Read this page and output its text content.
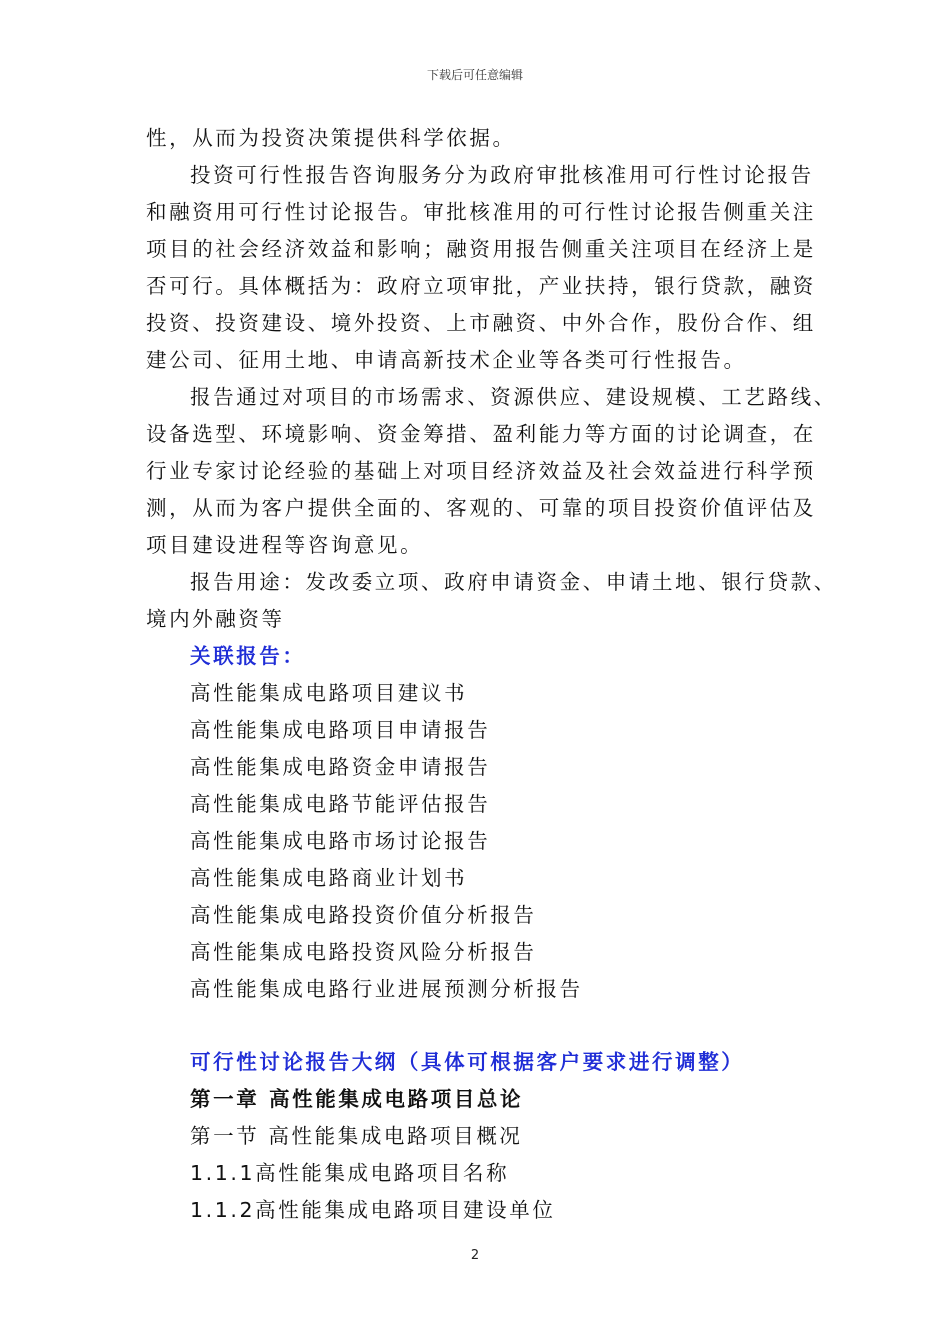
下载后可任意编辑
性，从而为投资决策提供科学依据。
投资可行性报告咨询服务分为政府审批核准用可行性讨论报告
和融资用可行性讨论报告。审批核准用的可行性讨论报告侧重关注
项目的社会经济效益和影响；融资用报告侧重关注项目在经济上是
否可行。具体概括为：政府立项审批，产业扶持，银行贷款，融资
投资、投资建设、境外投资、上市融资、中外合作，股份合作、组
建公司、征用土地、申请高新技术企业等各类可行性报告。
报告通过对项目的市场需求、资源供应、建设规模、工艺路线、
设备选型、环境影响、资金筹措、盈利能力等方面的讨论调查，在
行业专家讨论经验的基础上对项目经济效益及社会效益进行科学预
测，从而为客户提供全面的、客观的、可靠的项目投资价值评估及
项目建设进程等咨询意见。
报告用途：发改委立项、政府申请资金、申请土地、银行贷款、
境内外融资等
关联报告：
高性能集成电路项目建议书
高性能集成电路项目申请报告
高性能集成电路资金申请报告
高性能集成电路节能评估报告
高性能集成电路市场讨论报告
高性能集成电路商业计划书
高性能集成电路投资价值分析报告
高性能集成电路投资风险分析报告
高性能集成电路行业进展预测分析报告
可行性讨论报告大纲（具体可根据客户要求进行调整）
第一章 高性能集成电路项目总论
第一节 高性能集成电路项目概况
1.1.1高性能集成电路项目名称
1.1.2高性能集成电路项目建设单位
2
